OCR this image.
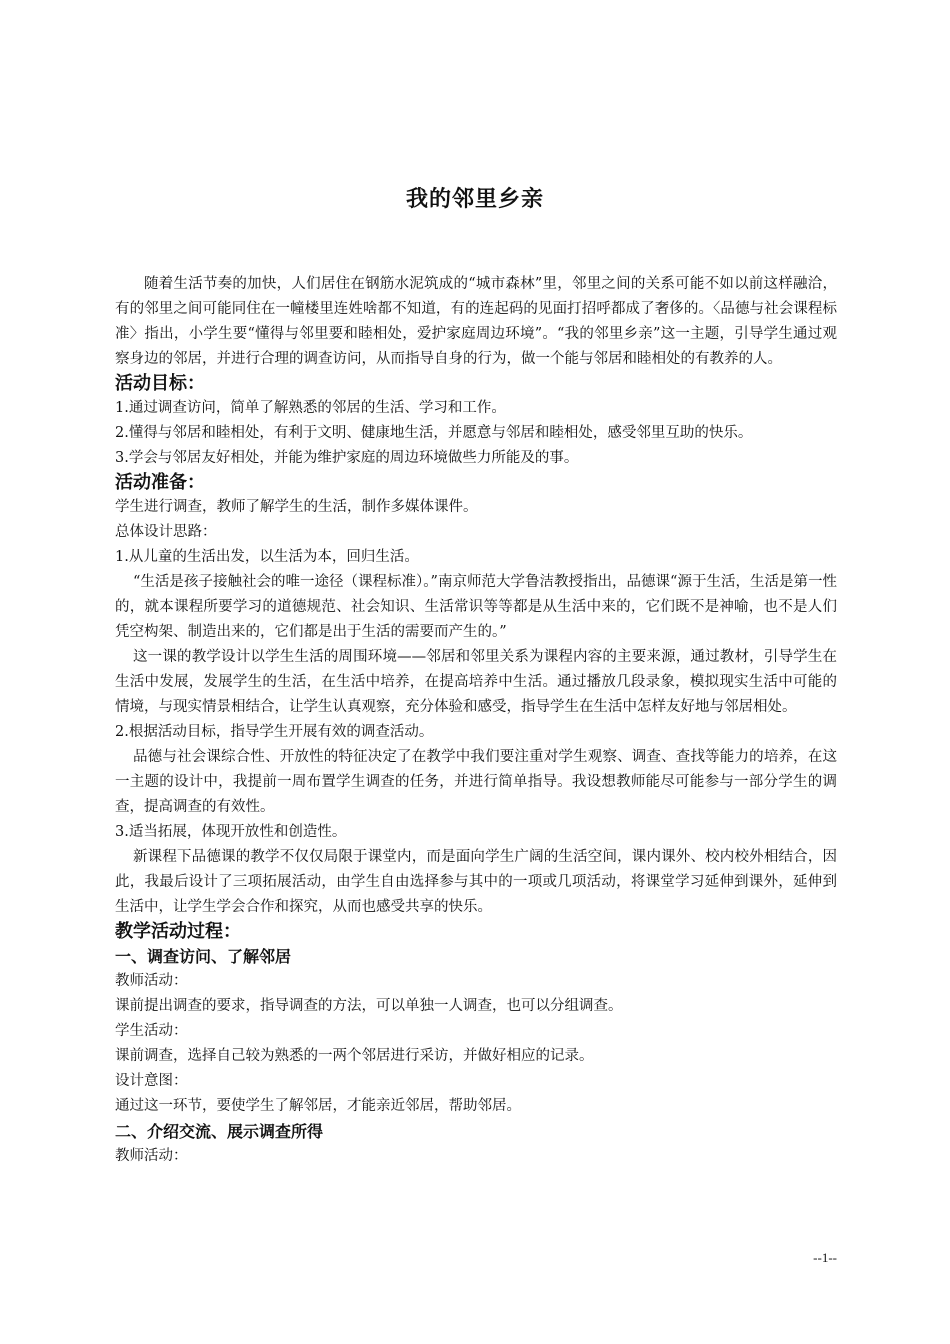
我的邻里乡亲

随着生活节奏的加快，人们居住在钢筋水泥筑成的“城市森林”里，邻里之间的关系可能不如以前这样融洽，有的邻里之间可能同住在一幢楼里连姓啥都不知道，有的连起码的见面打招呼都成了奢侈的。〈品德与社会课程标准〉指出，小学生要“懂得与邻里要和睦相处，爱护家庭周边环境”。“我的邻里乡亲”这一主题，引导学生通过观察身边的邻居，并进行合理的调查访问，从而指导自身的行为，做一个能与邻居和睦相处的有教养的人。

活动目标：

1.通过调查访问，简单了解熟悉的邻居的生活、学习和工作。

2.懂得与邻居和睦相处，有利于文明、健康地生活，并愿意与邻居和睦相处，感受邻里互助的快乐。

3.学会与邻居友好相处，并能为维护家庭的周边环境做些力所能及的事。

活动准备：

学生进行调查，教师了解学生的生活，制作多媒体课件。

总体设计思路：

1.从儿童的生活出发，以生活为本，回归生活。

“生活是孩子接触社会的唯一途径（课程标准）。”南京师范大学鲁洁教授指出，品德课“源于生活，生活是第一性的，就本课程所要学习的道德规范、社会知识、生活常识等等都是从生活中来的，它们既不是神喻，也不是人们凭空构架、制造出来的，它们都是出于生活的需要而产生的。”

这一课的教学设计以学生生活的周围环境——邻居和邻里关系为课程内容的主要来源，通过教材，引导学生在生活中发展，发展学生的生活，在生活中培养，在提高培养中生活。通过播放几段录象，模拟现实生活中可能的情境，与现实情景相结合，让学生认真观察，充分体验和感受，指导学生在生活中怎样友好地与邻居相处。

2.根据活动目标，指导学生开展有效的调查活动。

品德与社会课综合性、开放性的特征决定了在教学中我们要注重对学生观察、调查、查找等能力的培养，在这一主题的设计中，我提前一周布置学生调查的任务，并进行简单指导。我设想教师能尽可能参与一部分学生的调查，提高调查的有效性。

3.适当拓展，体现开放性和创造性。

新课程下品德课的教学不仅仅局限于课堂内，而是面向学生广阔的生活空间，课内课外、校内校外相结合，因此，我最后设计了三项拓展活动，由学生自由选择参与其中的一项或几项活动，将课堂学习延伸到课外，延伸到生活中，让学生学会合作和探究，从而也感受共享的快乐。

教学活动过程：
一、调查访问、了解邻居

教师活动：

课前提出调查的要求，指导调查的方法，可以单独一人调查，也可以分组调查。

学生活动：

课前调查，选择自己较为熟悉的一两个邻居进行采访，并做好相应的记录。

设计意图：

通过这一环节，要使学生了解邻居，才能亲近邻居，帮助邻居。

二、介绍交流、展示调查所得

教师活动：

--1--
